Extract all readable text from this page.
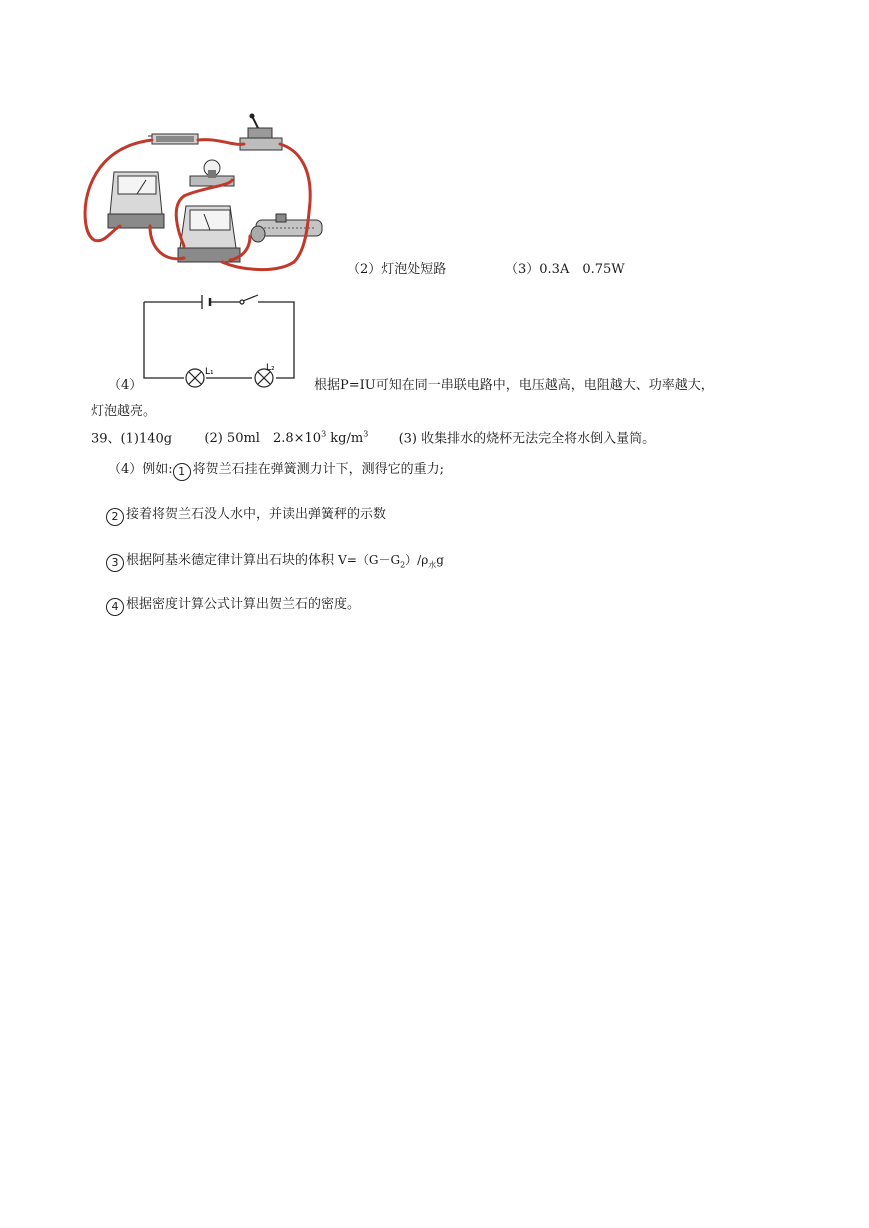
（2）灯泡处短路	（3）0.3A　0.75W
L₁	L₂
（4）	根据P=IU可知在同一串联电路中，电压越高，电阻越大、功率越大，
灯泡越亮。
39、(1)140g (2) 50ml　$2.8\times 10^3$ $kg/m^3$ (3) 收集排水的烧杯无法完全将水倒入量筒。
（4）例如: 1 将贺兰石挂在弹簧测力计下，测得它的重力;
2 接着将贺兰石没人水中，并读出弹簧秤的示数
3 根据阿基米德定律计算出石块的体积 $V=(G-G_2)/\rho_水g$
4 根据密度计算公式计算出贺兰石的密度。
